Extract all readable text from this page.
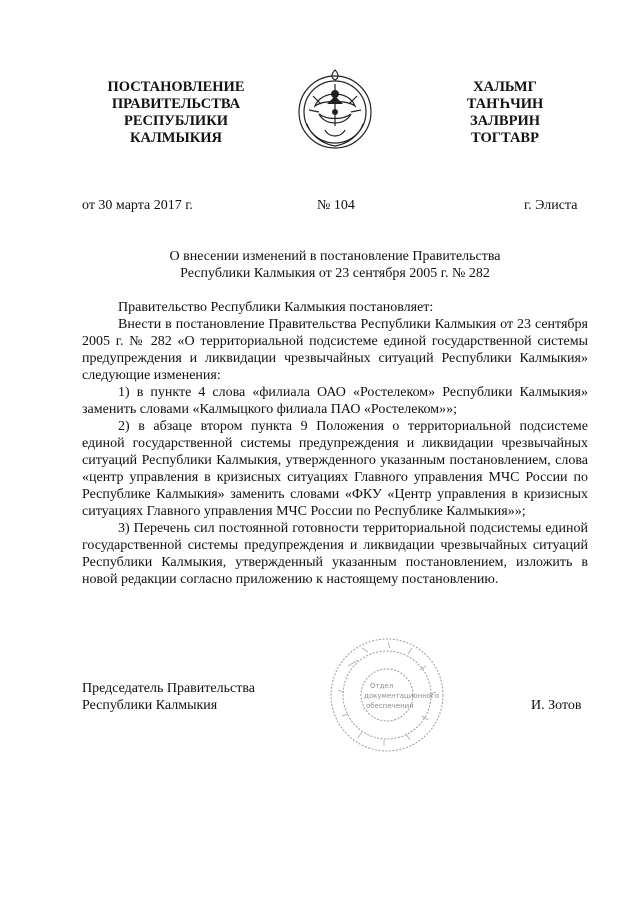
ПОСТАНОВЛЕНИЕ
ПРАВИТЕЛЬСТВА
РЕСПУБЛИКИ
КАЛМЫКИЯ
ХАЛЬМГ
ТАҤҺЧИН
ЗАЛВРИН
ТОГТАВР
от 30 марта 2017 г.	№ 104	г. Элиста
О внесении изменений в постановление Правительства
Республики Калмыкия от 23 сентября 2005 г. № 282

Правительство Республики Калмыкия постановляет:

Внести в постановление Правительства Республики Калмыкия от 23 сентября 2005 г. № 282 «О территориальной подсистеме единой государственной системы предупреждения и ликвидации чрезвычайных ситуаций Республики Калмыкия» следующие изменения:

1) в пункте 4 слова «филиала ОАО «Ростелеком» Республики Калмыкия» заменить словами «Калмыцкого филиала ПАО «Ростелеком»»;

2) в абзаце втором пункта 9 Положения о территориальной подсистеме единой государственной системы предупреждения и ликвидации чрезвычайных ситуаций Республики Калмыкия, утвержденного указанным постановлением, слова «центр управления в кризисных ситуациях Главного управления МЧС России по Республике Калмыкия» заменить словами «ФКУ «Центр управления в кризисных ситуациях Главного управления МЧС России по Республике Калмыкия»»;

3) Перечень сил постоянной готовности территориальной подсистемы единой государственной системы предупреждения и ликвидации чрезвычайных ситуаций Республики Калмыкия, утвержденный указанным постановлением, изложить в новой редакции согласно приложению к настоящему постановлению.

Отдел
документационного
обеспечения
Председатель Правительства
Республики Калмыкия	И. Зотов
